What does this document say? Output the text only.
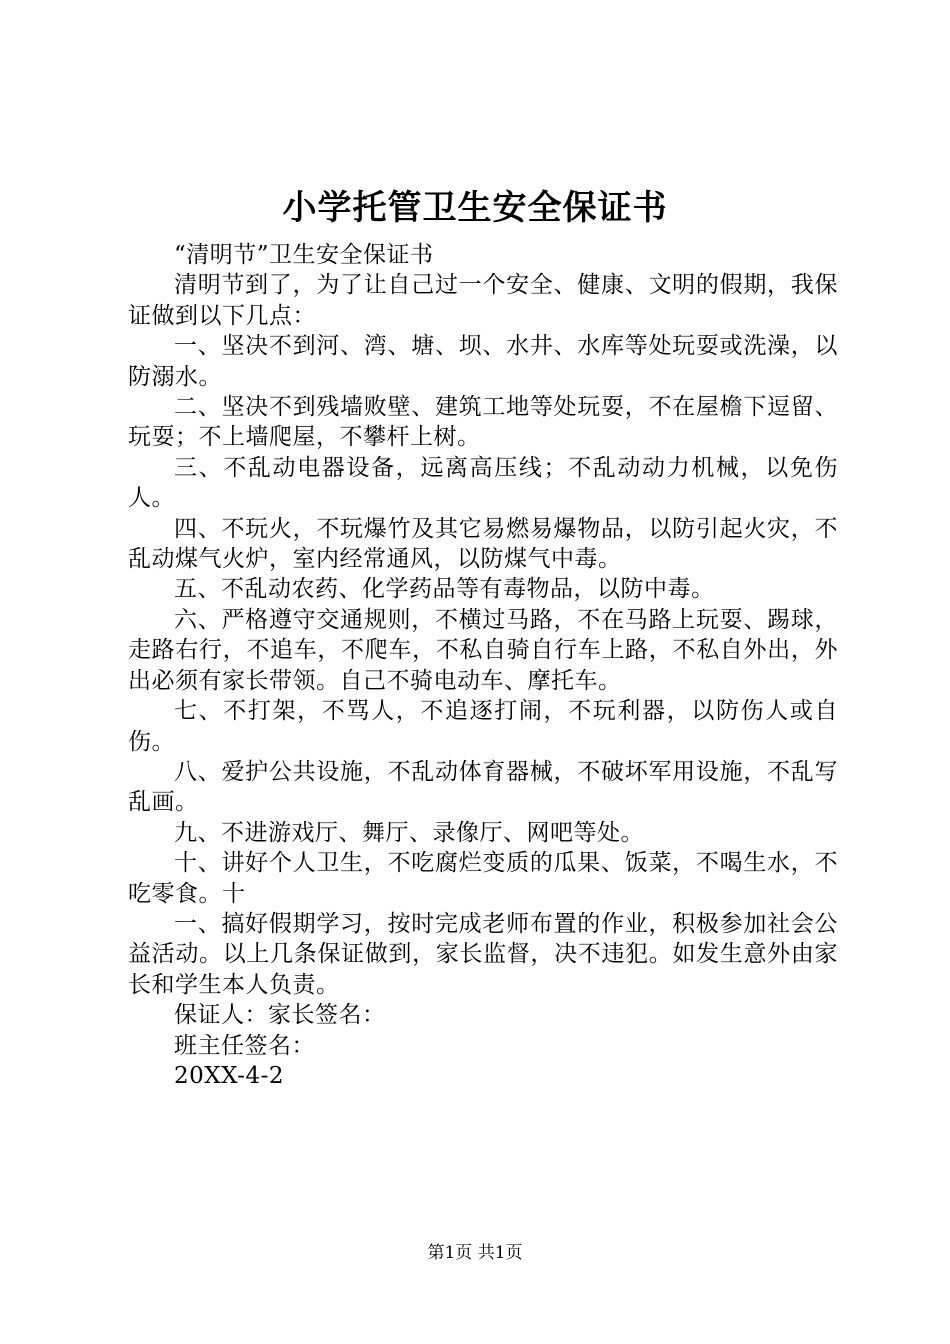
小学托管卫生安全保证书

“清明节”卫生安全保证书

清明节到了，为了让自己过一个安全、健康、文明的假期，我保证做到以下几点：

一、坚决不到河、湾、塘、坝、水井、水库等处玩耍或洗澡，以防溺水。

二、坚决不到残墙败壁、建筑工地等处玩耍，不在屋檐下逗留、玩耍；不上墙爬屋，不攀杆上树。

三、不乱动电器设备，远离高压线；不乱动动力机械，以免伤人。

四、不玩火，不玩爆竹及其它易燃易爆物品，以防引起火灾，不乱动煤气火炉，室内经常通风，以防煤气中毒。

五、不乱动农药、化学药品等有毒物品，以防中毒。

六、严格遵守交通规则，不横过马路，不在马路上玩耍、踢球，走路右行，不追车，不爬车，不私自骑自行车上路，不私自外出，外出必须有家长带领。自己不骑电动车、摩托车。

七、不打架，不骂人，不追逐打闹，不玩利器，以防伤人或自伤。

八、爱护公共设施，不乱动体育器械，不破坏军用设施，不乱写乱画。

九、不进游戏厅、舞厅、录像厅、网吧等处。

十、讲好个人卫生，不吃腐烂变质的瓜果、饭菜，不喝生水，不吃零食。十

一、搞好假期学习，按时完成老师布置的作业，积极参加社会公益活动。以上几条保证做到，家长监督，决不违犯。如发生意外由家长和学生本人负责。

保证人：家长签名：

班主任签名：

20XX-4-2

第1页 共1页
